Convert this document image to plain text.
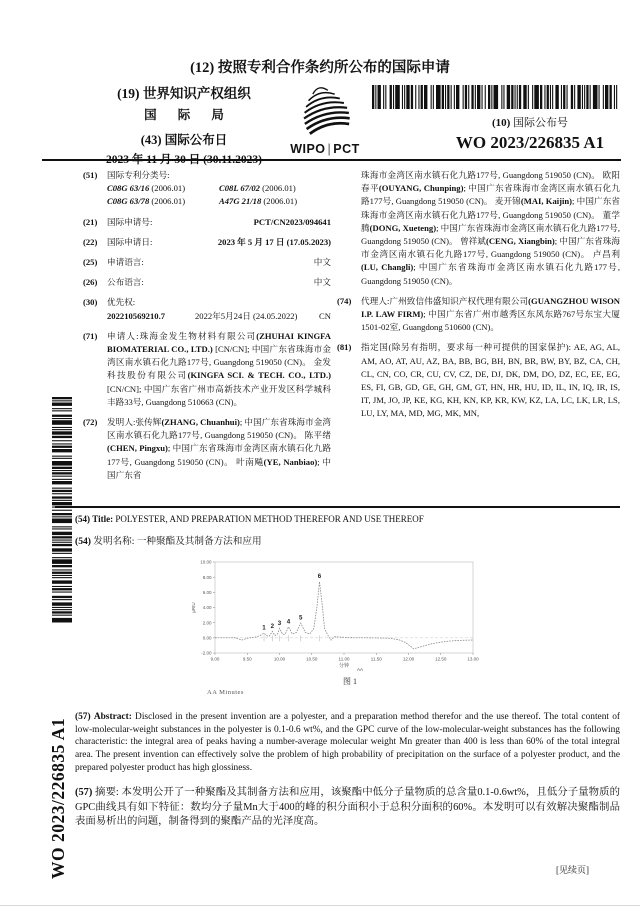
(12) 按照专利合作条约所公布的国际申请
(19) 世界知识产权组织
国 际 局
(43) 国际公布日
WIPO | PCT
(10) 国际公布号
WO 2023/226835 A1
(51) 国际专利分类号:
C08G 63/16 (2006.01)	C08L 67/02 (2006.01)
C08G 63/78 (2006.01)	A47G 21/18 (2006.01)
(21) 国际申请号:	PCT/CN2023/094641
(22) 国际申请日:	2023 年 5 月 17 日 (17.05.2023)
(25) 申请语言:	中文
(26) 公布语言:	中文
(30) 优先权:
202210569210.7	2022年5月24日 (24.05.2022)	CN
(71) 申请人:珠海金发生物材料有限公司(ZHUHAI KINGFA BIOMATERIAL CO., LTD.) [CN/CN]; 中国广东省珠海市金湾区南水镇石化九路177号, Guangdong 519050 (CN)。 金发科技股份有限公司(KINGFA SCI. & TECH. CO., LTD.) [CN/CN]; 中国广东省广州市高新技术产业开发区科学城科丰路33号, Guangdong 510663 (CN)。
(72) 发明人:张传辉(ZHANG, Chuanhui); 中国广东省珠海市金湾区南水镇石化九路177号, Guangdong 519050 (CN)。 陈平绪(CHEN, Pingxu); 中国广东省珠海市金湾区南水镇石化九路177号, Guangdong 519050 (CN)。 叶南飚(YE, Nanbiao); 中国广东省
珠海市金湾区南水镇石化九路177号, Guangdong 519050 (CN)。 欧阳春平(OUYANG, Chunping); 中国广东省珠海市金湾区南水镇石化九路177号, Guangdong 519050 (CN)。 麦开锦(MAI, Kaijin); 中国广东省珠海市金湾区南水镇石化九路177号, Guangdong 519050 (CN)。 董学腾(DONG, Xueteng); 中国广东省珠海市金湾区南水镇石化九路177号, Guangdong 519050 (CN)。 曾祥斌(CENG, Xiangbin); 中国广东省珠海市金湾区南水镇石化九路177号, Guangdong 519050 (CN)。 卢昌利(LU, Changli); 中国广东省珠海市金湾区南水镇石化九路177号, Guangdong 519050 (CN)。
(74) 代理人:广州致信伟盛知识产权代理有限公司(GUANGZHOU WISON I.P. LAW FIRM); 中国广东省广州市越秀区东风东路767号东宝大厦1501-02室, Guangdong 510600 (CN)。
(81) 指定国(除另有指明，要求每一种可提供的国家保护): AE, AG, AL, AM, AO, AT, AU, AZ, BA, BB, BG, BH, BN, BR, BW, BY, BZ, CA, CH, CL, CN, CO, CR, CU, CV, CZ, DE, DJ, DK, DM, DO, DZ, EC, EE, EG, ES, FI, GB, GD, GE, GH, GM, GT, HN, HR, HU, ID, IL, IN, IQ, IR, IS, IT, JM, JO, JP, KE, KG, KH, KN, KP, KR, KW, KZ, LA, LC, LK, LR, LS, LU, LY, MA, MD, MG, MK, MN,
(54) Title: POLYESTER, AND PREPARATION METHOD THEREFOR AND USE THEREOF
(54) 发明名称: 一种聚酯及其制备方法和应用
10.00
8.00
6.00
4.00
2.00
0.00
-2.00
9.00	9.50	10.00	10.50	11.00	11.50	12.00	12.50	13.00
分钟
AA
μRIU
1 2 3 4
5
6
图 1
AA Minutes
(57) Abstract: Disclosed in the present invention are a polyester, and a preparation method therefor and the use thereof. The total content of low-molecular-weight substances in the polyester is 0.1-0.6 wt%, and the GPC curve of the low-molecular-weight substances has the following characteristic: the integral area of peaks having a number-average molecular weight Mn greater than 400 is less than 60% of the total integral area. The present invention can effectively solve the problem of high probability of precipitation on the surface of a polyester product, and the prepared polyester product has high glossiness.
(57) 摘要: 本发明公开了一种聚酯及其制备方法和应用，该聚酯中低分子量物质的总含量0.1-0.6wt%，且低分子量物质的GPC曲线具有如下特征：数均分子量Mn大于400的峰的积分面积小于总积分面积的60%。本发明可以有效解决聚酯制品表面易析出的问题，制备得到的聚酯产品的光泽度高。
WO 2023/226835 A1	[见续页]
